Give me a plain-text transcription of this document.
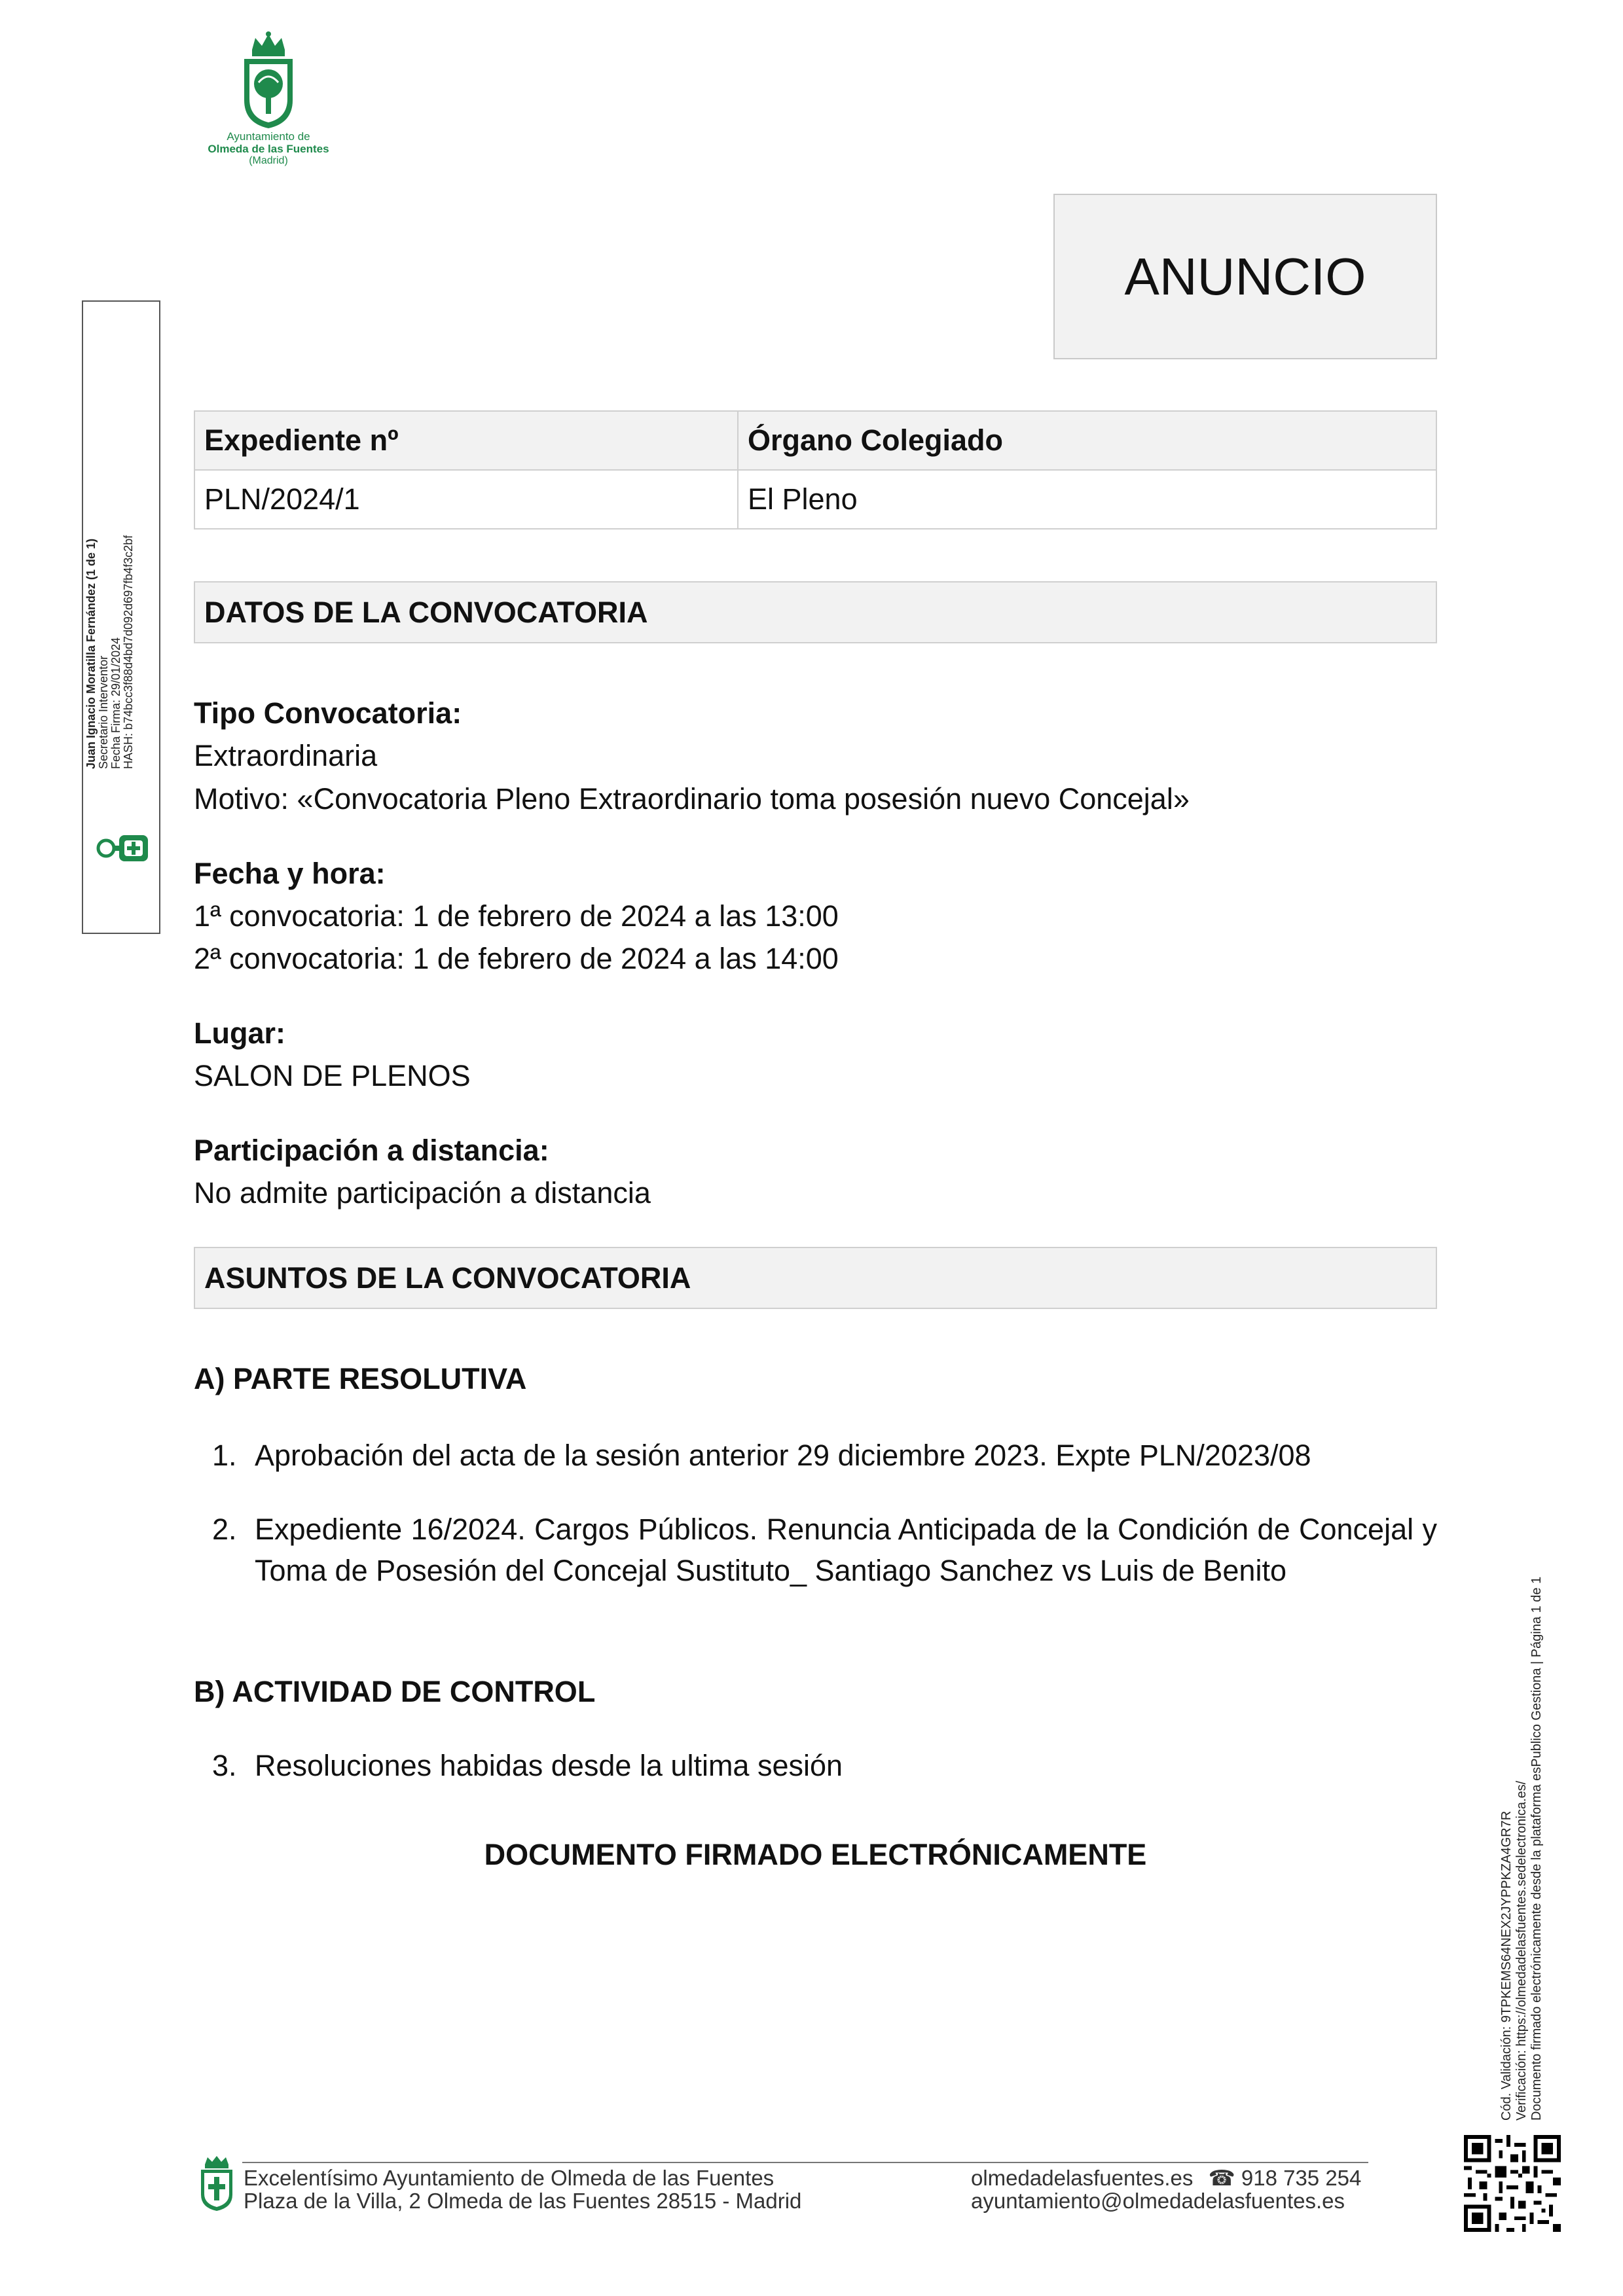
Ayuntamiento de
Olmeda de las Fuentes
(Madrid)
ANUNCIO
Expediente nº	Órgano Colegiado
PLN/2024/1	El Pleno
DATOS DE LA CONVOCATORIA
Tipo Convocatoria:
Extraordinaria
Motivo: «Convocatoria Pleno Extraordinario toma posesión nuevo Concejal»
Fecha y hora:
1ª convocatoria: 1 de febrero de 2024 a las 13:00
2ª convocatoria: 1 de febrero de 2024 a las 14:00
Lugar:
SALON DE PLENOS
Participación a distancia:
No admite participación a distancia
ASUNTOS DE LA CONVOCATORIA
A) PARTE RESOLUTIVA
1. Aprobación del acta de la sesión anterior 29 diciembre 2023. Expte PLN/2023/08
2. Expediente 16/2024. Cargos Públicos. Renuncia Anticipada de la Condición de Concejal y Toma de Posesión del Concejal Sustituto_ Santiago Sanchez vs Luis de Benito
B) ACTIVIDAD DE CONTROL
3. Resoluciones habidas desde la ultima sesión
DOCUMENTO FIRMADO ELECTRÓNICAMENTE
Juan Ignacio Moratilla Fernández (1 de 1) Secretario Interventor Fecha Firma: 29/01/2024 HASH: b74bcc3f88d4bd7d092d697fb4f3c2bf
Cód. Validación: 9TPKEMS64NEX2JYPPKZA4GR7R Verificación: https://olmedadelasfuentes.sedelectronica.es/ Documento firmado electrónicamente desde la plataforma esPublico Gestiona | Página 1 de 1
Excelentísimo Ayuntamiento de Olmeda de las Fuentes
Plaza de la Villa, 2 Olmeda de las Fuentes 28515 - Madrid
olmedadelasfuentes.es ☎ 918 735 254
ayuntamiento@olmedadelasfuentes.es
